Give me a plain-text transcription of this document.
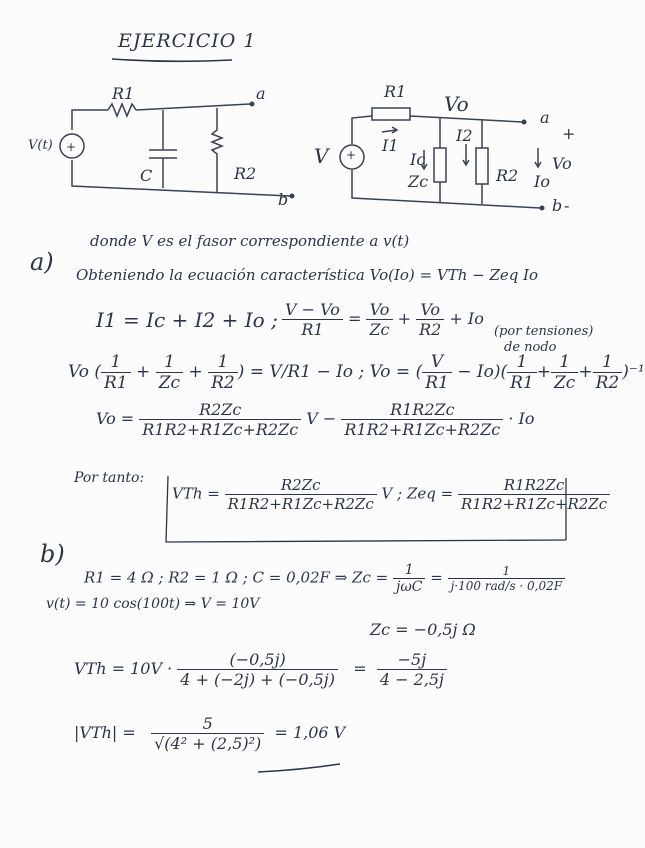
EJERCICIO 1
V(t) +
R1
C	R2
a
b
V +
R1
I1
Vo
Ic
Zc
I2
R2 Io
Vo
a
+
b -
donde V es el fasor correspondiente a v(t)
a) Obteniendo la ecuación característica Vo(Io) = VTh − Zeq Io
I1 = Ic + I2 + Io ; $\frac{V - Vo}{R1} = \frac{Vo}{Zc} + \frac{Vo}{R2} + Io$
(por tensiones)
de nodo
Vo ( $\frac{1}{R1} + \frac{1}{Zc} + \frac{1}{R2}$ ) = V/R1 − Io ; Vo = ( $\frac{V}{R1} - Io)( \frac{1}{R1} + \frac{1}{Zc} + \frac{1}{R2} )^{-1}$
$Vo = \frac{R2Zc}{R1R2+R1Zc+R2Zc}$ $V - \frac{R1R2Zc}{R1R2+R1Zc+R2Zc} \cdot Io$
Por tanto:
VTh = $\frac{R2Zc}{R1R2+R1Zc+R2Zc}$ V ; Zeq = $\frac{R1R2Zc}{R1R2+R1Zc+R2Zc}$
b)
R1 = 4 Ω ; R2 = 1 Ω ; C = 0,02F ⇒ $Zc = \frac{1}{\text{jωC}} = \frac{1}{\text{j·100 rad/s · 0,02F}}$
v(t) = 10 cos(100t) ⇒ V = 10V
Zc = −0,5j Ω
VTh = $10V \cdot \frac{(-0,5j)}{4 + (-2j) + (-0,5j)} = \frac{-5j}{4 - 2,5j}$
$|VTh| = \frac{5}{\text{√(4² + (2,5)²)}} = 1,06$ V
